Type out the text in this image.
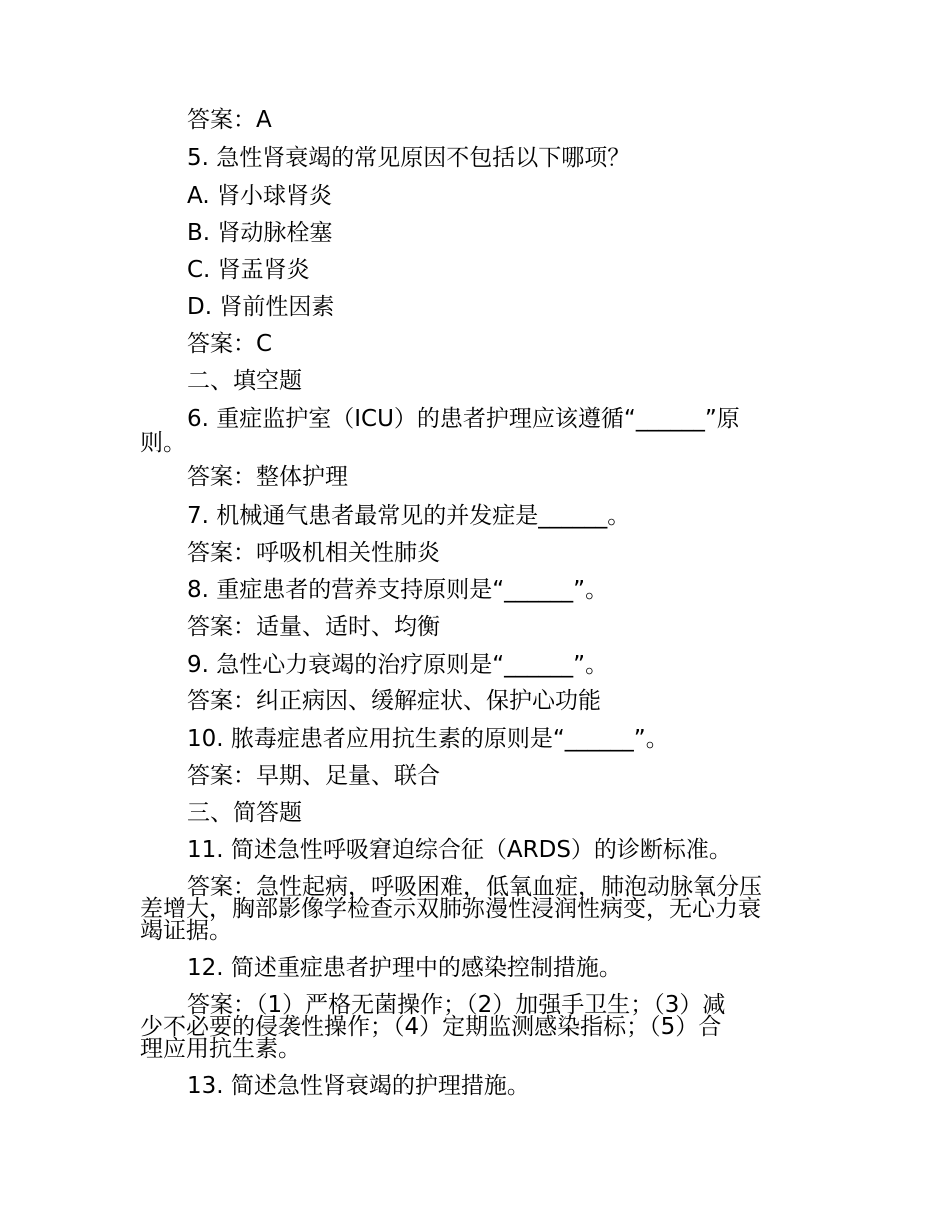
答案：A
5. 急性肾衰竭的常见原因不包括以下哪项？
A. 肾小球肾炎
B. 肾动脉栓塞
C. 肾盂肾炎
D. 肾前性因素
答案：C
二、填空题
6. 重症监护室（ICU）的患者护理应该遵循“______”原
则。
答案：整体护理
7. 机械通气患者最常见的并发症是______。
答案：呼吸机相关性肺炎
8. 重症患者的营养支持原则是“______”。
答案：适量、适时、均衡
9. 急性心力衰竭的治疗原则是“______”。
答案：纠正病因、缓解症状、保护心功能
10. 脓毒症患者应用抗生素的原则是“______”。
答案：早期、足量、联合
三、简答题
11. 简述急性呼吸窘迫综合征（ARDS）的诊断标准。
答案：急性起病，呼吸困难，低氧血症，肺泡动脉氧分压
差增大，胸部影像学检查示双肺弥漫性浸润性病变，无心力衰
竭证据。
12. 简述重症患者护理中的感染控制措施。
答案：（1）严格无菌操作；（2）加强手卫生；（3）减
少不必要的侵袭性操作；（4）定期监测感染指标；（5）合
理应用抗生素。
13. 简述急性肾衰竭的护理措施。
